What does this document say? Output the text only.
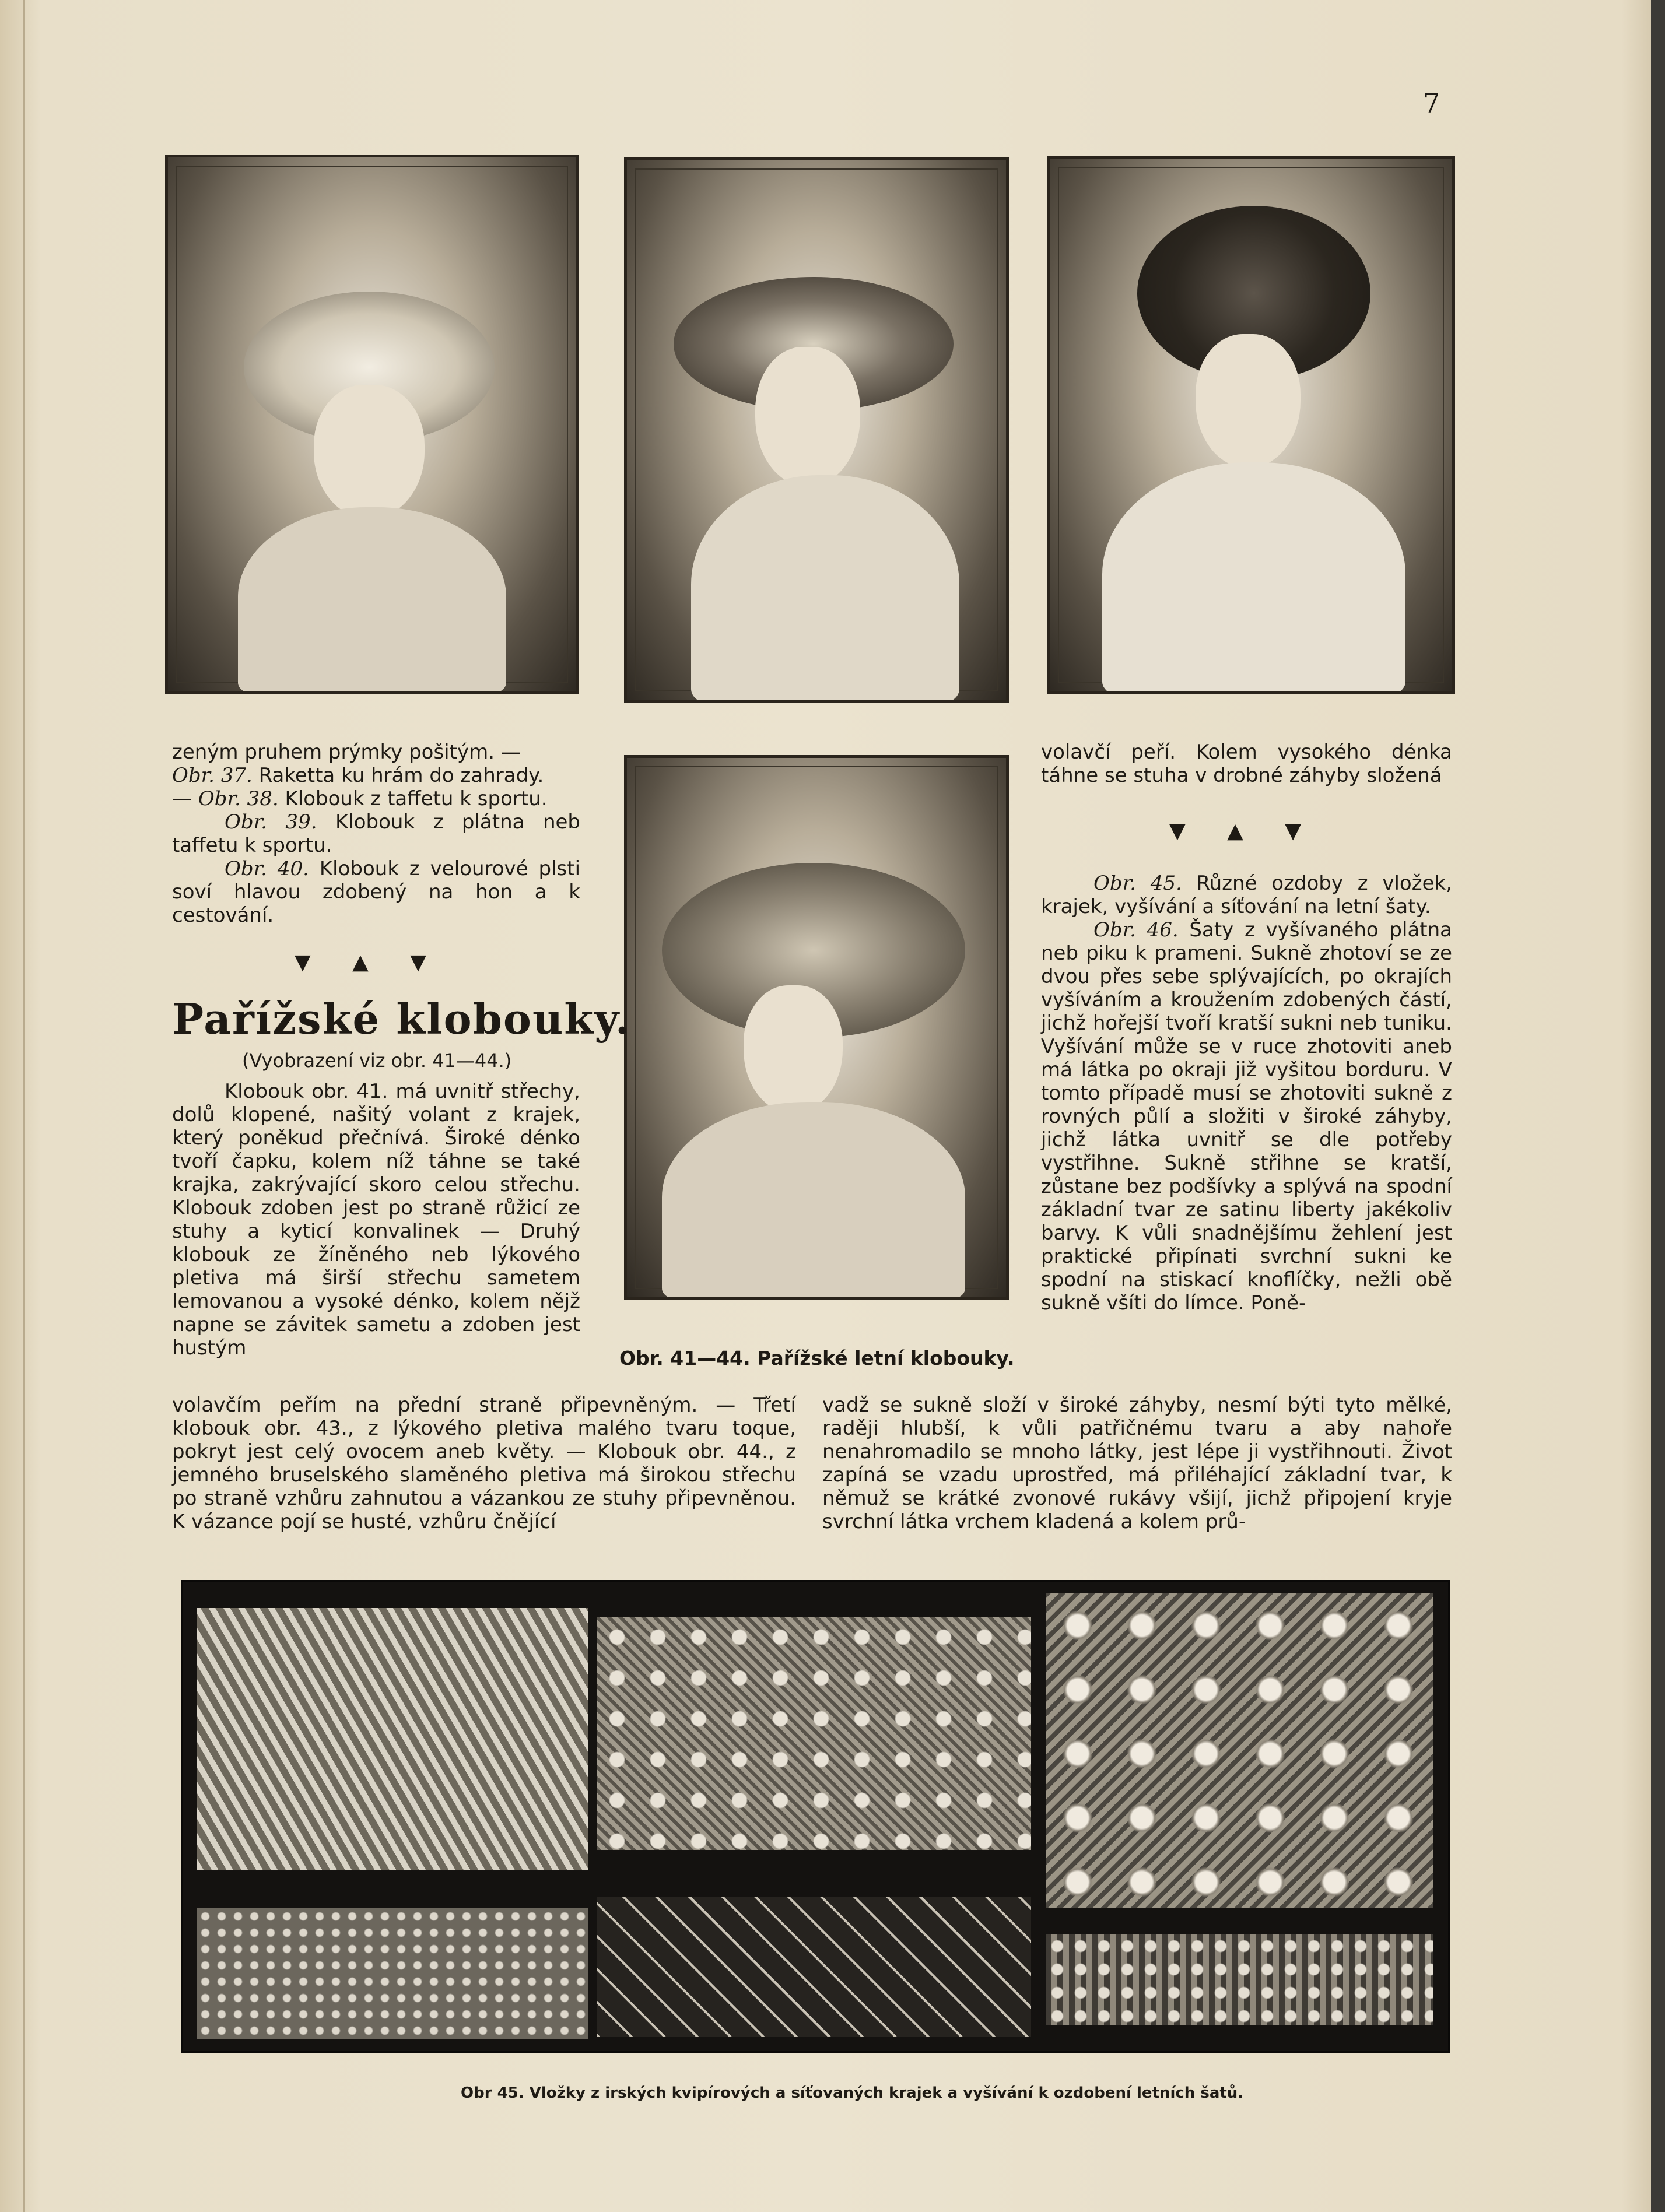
7

zeným pruhem prýmky pošitým. —

Obr. 37. Raketta ku hrám do zahrady.

— Obr. 38. Klobouk z taffetu k sportu.

Obr. 39. Klobouk z plátna neb taffetu k sportu.

Obr. 40. Klobouk z velourové plsti soví hlavou zdobený na hon a k cestování.

▼ ▲ ▼
Pařížské klobouky.
(Vyobrazení viz obr. 41—44.)

Klobouk obr. 41. má uvnitř střechy, dolů klopené, našitý volant z krajek, který poněkud přečnívá. Široké dénko tvoří čapku, kolem níž táhne se také krajka, zakrývající skoro celou střechu. Klobouk zdoben jest po straně růžicí ze stuhy a kyticí konvalinek — Druhý klobouk ze žíněného neb lýkového pletiva má širší střechu sametem lemovanou a vysoké dénko, kolem nějž napne se závitek sametu a zdoben jest hustým

volavčím peřím na přední straně připevněným. — Třetí klobouk obr. 43., z lýkového pletiva malého tvaru toque, pokryt jest celý ovocem aneb květy. — Klobouk obr. 44., z jemného bruselského slaměného pletiva má širokou střechu po straně vzhůru zahnutou a vázankou ze stuhy připevněnou. K vázance pojí se husté, vzhůru čnějící

Obr. 41—44. Pařížské letní klobouky.

volavčí peří. Kolem vysokého dénka táhne se stuha v drobné záhyby složená

▼ ▲ ▼

Obr. 45. Různé ozdoby z vložek, krajek, vyšívání a síťování na letní šaty.

Obr. 46. Šaty z vyšívaného plátna neb piku k prameni. Sukně zhotoví se ze dvou přes sebe splývajících, po okrajích vyšíváním a kroužením zdobených částí, jichž hořejší tvoří kratší sukni neb tuniku. Vyšívání může se v ruce zhotoviti aneb má látka po okraji již vyšitou borduru. V tomto případě musí se zhotoviti sukně z rovných půlí a složiti v široké záhyby, jichž látka uvnitř se dle potřeby vystřihne. Sukně střihne se kratší, zůstane bez podšívky a splývá na spodní základní tvar ze satinu liberty jakékoliv barvy. K vůli snadnějšímu žehlení jest praktické připínati svrchní sukni ke spodní na stiskací knoflíčky, nežli obě sukně všíti do límce. Poně-

vadž se sukně složí v široké záhyby, nesmí býti tyto mělké, raději hlubší, k vůli patřičnému tvaru a aby nahoře nenahromadilo se mnoho látky, jest lépe ji vystřihnouti. Život zapíná se vzadu uprostřed, má přiléhající základní tvar, k němuž se krátké zvonové rukávy všijí, jichž připojení kryje svrchní látka vrchem kladená a kolem prů-

Obr 45. Vložky z irských kvipírových a síťovaných krajek a vyšívání k ozdobení letních šatů.
